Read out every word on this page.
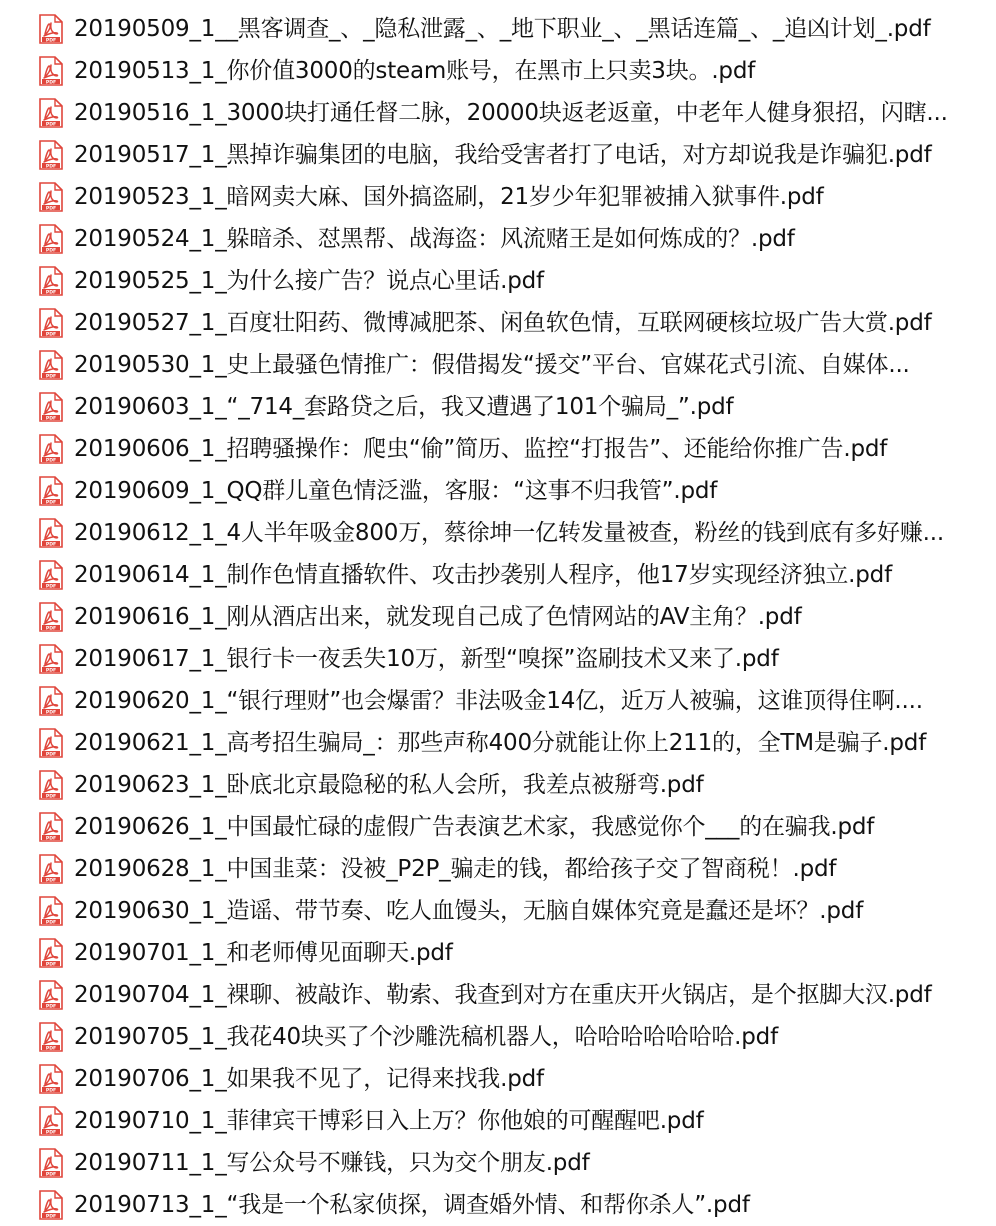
PDF 20190509_1__黑客调查_、_隐私泄露_、_地下职业_、_黑话连篇_、_追凶计划_.pdf
PDF 20190513_1_你价值3000的steam账号，在黑市上只卖3块。.pdf
PDF 20190516_1_3000块打通任督二脉，20000块返老返童，中老年人健身狠招，闪瞎...
PDF 20190517_1_黑掉诈骗集团的电脑，我给受害者打了电话，对方却说我是诈骗犯.pdf
PDF 20190523_1_暗网卖大麻、国外搞盗刷，21岁少年犯罪被捕入狱事件.pdf
PDF 20190524_1_躲暗杀、怼黑帮、战海盗：风流赌王是如何炼成的？.pdf
PDF 20190525_1_为什么接广告？说点心里话.pdf
PDF 20190527_1_百度壮阳药、微博减肥茶、闲鱼软色情，互联网硬核垃圾广告大赏.pdf
PDF 20190530_1_史上最骚色情推广：假借揭发“援交”平台、官媒花式引流、自媒体...
PDF 20190603_1_“_714_套路贷之后，我又遭遇了101个骗局_”.pdf
PDF 20190606_1_招聘骚操作：爬虫“偷”简历、监控“打报告”、还能给你推广告.pdf
PDF 20190609_1_QQ群儿童色情泛滥，客服：“这事不归我管”.pdf
PDF 20190612_1_4人半年吸金800万，蔡徐坤一亿转发量被查，粉丝的钱到底有多好赚...
PDF 20190614_1_制作色情直播软件、攻击抄袭别人程序，他17岁实现经济独立.pdf
PDF 20190616_1_刚从酒店出来，就发现自己成了色情网站的AV主角？.pdf
PDF 20190617_1_银行卡一夜丢失10万，新型“嗅探”盗刷技术又来了.pdf
PDF 20190620_1_“银行理财”也会爆雷？非法吸金14亿，近万人被骗，这谁顶得住啊....
PDF 20190621_1_高考招生骗局_：那些声称400分就能让你上211的，全TM是骗子.pdf
PDF 20190623_1_卧底北京最隐秘的私人会所，我差点被掰弯.pdf
PDF 20190626_1_中国最忙碌的虚假广告表演艺术家，我感觉你个___的在骗我.pdf
PDF 20190628_1_中国韭菜：没被_P2P_骗走的钱，都给孩子交了智商税！.pdf
PDF 20190630_1_造谣、带节奏、吃人血馒头，无脑自媒体究竟是蠢还是坏？.pdf
PDF 20190701_1_和老师傅见面聊天.pdf
PDF 20190704_1_裸聊、被敲诈、勒索、我查到对方在重庆开火锅店，是个抠脚大汉.pdf
PDF 20190705_1_我花40块买了个沙雕洗稿机器人，哈哈哈哈哈哈哈.pdf
PDF 20190706_1_如果我不见了，记得来找我.pdf
PDF 20190710_1_菲律宾干博彩日入上万？你他娘的可醒醒吧.pdf
PDF 20190711_1_写公众号不赚钱，只为交个朋友.pdf
PDF 20190713_1_“我是一个私家侦探，调查婚外情、和帮你杀人”.pdf
